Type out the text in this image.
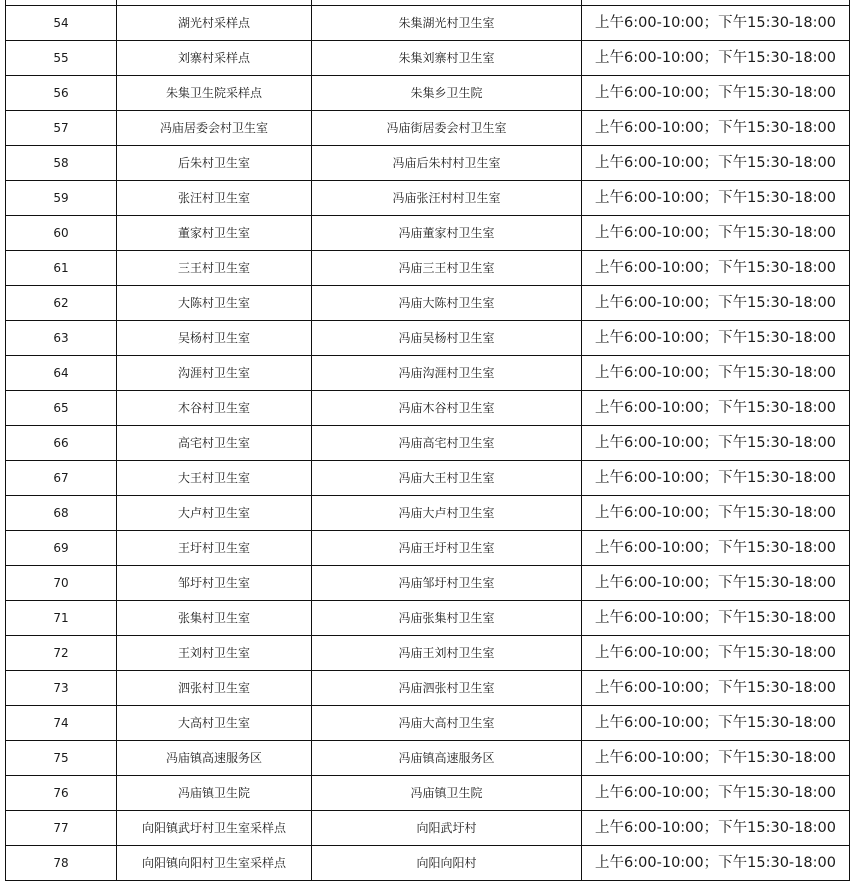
54	湖光村采样点	朱集湖光村卫生室	上午6:00-10:00；下午15:30-18:00
55	刘寨村采样点	朱集刘寨村卫生室	上午6:00-10:00；下午15:30-18:00
56	朱集卫生院采样点	朱集乡卫生院	上午6:00-10:00；下午15:30-18:00
57	冯庙居委会村卫生室	冯庙街居委会村卫生室	上午6:00-10:00；下午15:30-18:00
58	后朱村卫生室	冯庙后朱村村卫生室	上午6:00-10:00；下午15:30-18:00
59	张汪村卫生室	冯庙张汪村村卫生室	上午6:00-10:00；下午15:30-18:00
60	董家村卫生室	冯庙董家村卫生室	上午6:00-10:00；下午15:30-18:00
61	三王村卫生室	冯庙三王村卫生室	上午6:00-10:00；下午15:30-18:00
62	大陈村卫生室	冯庙大陈村卫生室	上午6:00-10:00；下午15:30-18:00
63	吴杨村卫生室	冯庙吴杨村卫生室	上午6:00-10:00；下午15:30-18:00
64	沟涯村卫生室	冯庙沟涯村卫生室	上午6:00-10:00；下午15:30-18:00
65	木谷村卫生室	冯庙木谷村卫生室	上午6:00-10:00；下午15:30-18:00
66	高宅村卫生室	冯庙高宅村卫生室	上午6:00-10:00；下午15:30-18:00
67	大王村卫生室	冯庙大王村卫生室	上午6:00-10:00；下午15:30-18:00
68	大卢村卫生室	冯庙大卢村卫生室	上午6:00-10:00；下午15:30-18:00
69	王圩村卫生室	冯庙王圩村卫生室	上午6:00-10:00；下午15:30-18:00
70	邹圩村卫生室	冯庙邹圩村卫生室	上午6:00-10:00；下午15:30-18:00
71	张集村卫生室	冯庙张集村卫生室	上午6:00-10:00；下午15:30-18:00
72	王刘村卫生室	冯庙王刘村卫生室	上午6:00-10:00；下午15:30-18:00
73	泗张村卫生室	冯庙泗张村卫生室	上午6:00-10:00；下午15:30-18:00
74	大高村卫生室	冯庙大高村卫生室	上午6:00-10:00；下午15:30-18:00
75	冯庙镇高速服务区	冯庙镇高速服务区	上午6:00-10:00；下午15:30-18:00
76	冯庙镇卫生院	冯庙镇卫生院	上午6:00-10:00；下午15:30-18:00
77	向阳镇武圩村卫生室采样点	向阳武圩村	上午6:00-10:00；下午15:30-18:00
78	向阳镇向阳村卫生室采样点	向阳向阳村	上午6:00-10:00；下午15:30-18:00
